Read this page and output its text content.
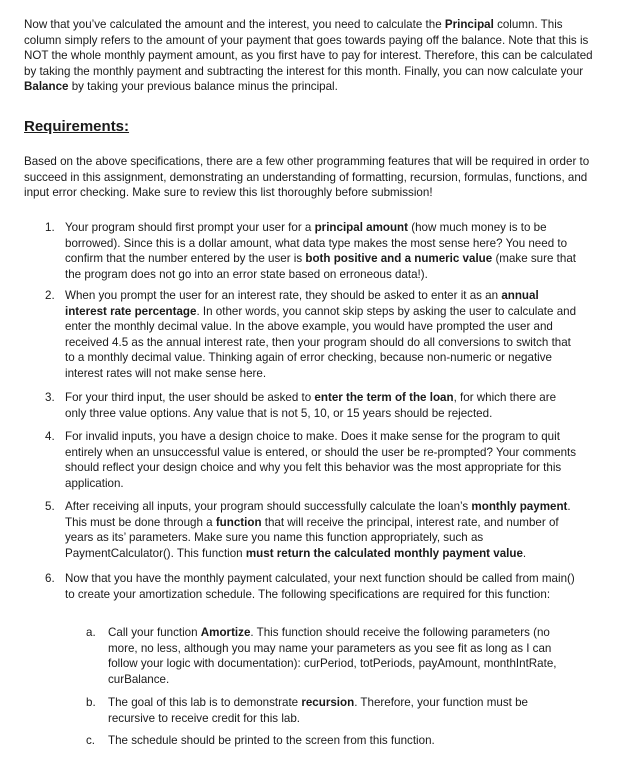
Now that you’ve calculated the amount and the interest, you need to calculate the Principal column. This column simply refers to the amount of your payment that goes towards paying off the balance. Note that this is NOT the whole monthly payment amount, as you first have to pay for interest. Therefore, this can be calculated by taking the monthly payment and subtracting the interest for this month. Finally, you can now calculate your Balance by taking your previous balance minus the principal.

Requirements:

Based on the above specifications, there are a few other programming features that will be required in order to succeed in this assignment, demonstrating an understanding of formatting, recursion, formulas, functions, and input error checking. Make sure to review this list thoroughly before submission!

1. Your program should first prompt your user for a principal amount (how much money is to be borrowed). Since this is a dollar amount, what data type makes the most sense here? You need to confirm that the number entered by the user is both positive and a numeric value (make sure that the program does not go into an error state based on erroneous data!).

2. When you prompt the user for an interest rate, they should be asked to enter it as an annual interest rate percentage. In other words, you cannot skip steps by asking the user to calculate and enter the monthly decimal value. In the above example, you would have prompted the user and received 4.5 as the annual interest rate, then your program should do all conversions to switch that to a monthly decimal value. Thinking again of error checking, because non-numeric or negative interest rates will not make sense here.

3. For your third input, the user should be asked to enter the term of the loan, for which there are only three value options. Any value that is not 5, 10, or 15 years should be rejected.

4. For invalid inputs, you have a design choice to make. Does it make sense for the program to quit entirely when an unsuccessful value is entered, or should the user be re-prompted? Your comments should reflect your design choice and why you felt this behavior was the most appropriate for this application.

5. After receiving all inputs, your program should successfully calculate the loan’s monthly payment. This must be done through a function that will receive the principal, interest rate, and number of years as its’ parameters. Make sure you name this function appropriately, such as PaymentCalculator(). This function must return the calculated monthly payment value.

6. Now that you have the monthly payment calculated, your next function should be called from main() to create your amortization schedule. The following specifications are required for this function:

a. Call your function Amortize. This function should receive the following parameters (no more, no less, although you may name your parameters as you see fit as long as I can follow your logic with documentation): curPeriod, totPeriods, payAmount, monthIntRate, curBalance.

b. The goal of this lab is to demonstrate recursion. Therefore, your function must be recursive to receive credit for this lab.

c. The schedule should be printed to the screen from this function.
